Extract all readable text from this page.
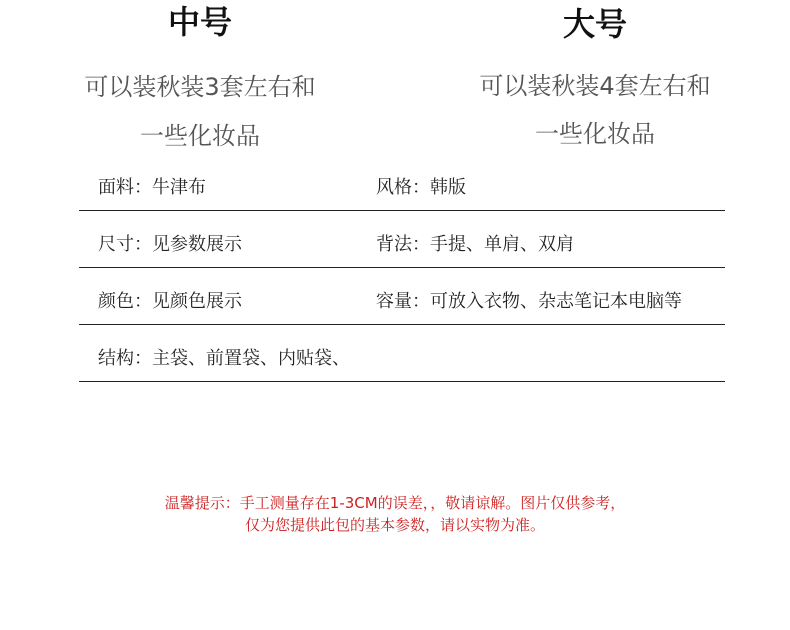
中号
可以装秋装3套左右和
一些化妆品
大号
可以装秋装4套左右和
一些化妆品
面料：牛津布	风格：韩版
尺寸：见参数展示	背法：手提、单肩、双肩
颜色：见颜色展示	容量：可放入衣物、杂志笔记本电脑等
结构：主袋、前置袋、内贴袋、
温馨提示：手工测量存在1-3CM的误差，，敬请谅解。图片仅供参考，
仅为您提供此包的基本参数，请以实物为准。
